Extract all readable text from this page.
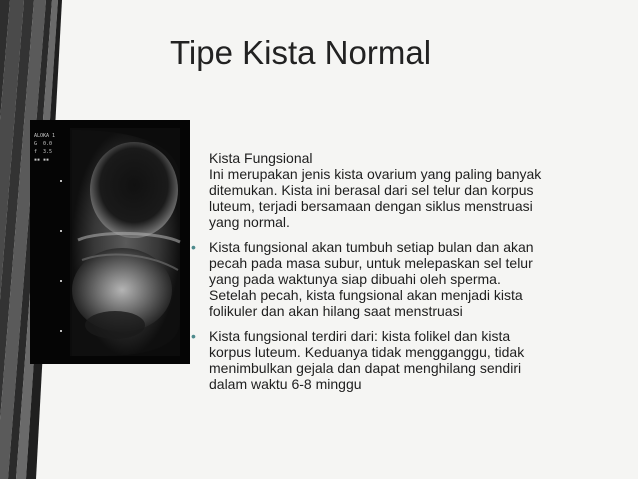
Tipe Kista Normal
ALOKA 1
G  0.0
f  3.5
▪▪ ▪▪	Kista Fungsional
Ini merupakan jenis kista ovarium yang paling banyak
ditemukan. Kista ini berasal dari sel telur dan korpus
luteum, terjadi bersamaan dengan siklus menstruasi
yang normal.

• Kista fungsional akan tumbuh setiap bulan dan akan
pecah pada masa subur, untuk melepaskan sel telur
yang pada waktunya siap dibuahi oleh sperma.
Setelah pecah, kista fungsional akan menjadi kista
folikuler dan akan hilang saat menstruasi

• Kista fungsional terdiri dari: kista folikel dan kista
korpus luteum. Keduanya tidak mengganggu, tidak
menimbulkan gejala dan dapat menghilang sendiri
dalam waktu 6-8 minggu
